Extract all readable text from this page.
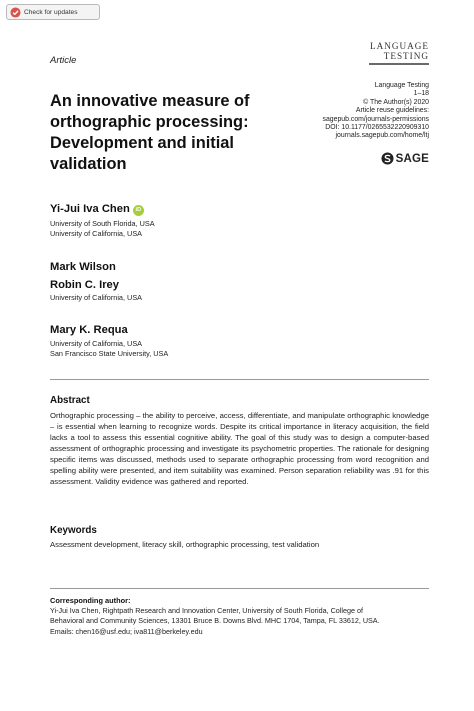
Check for updates
Article
LANGUAGE
TESTING
Language Testing
1–18
© The Author(s) 2020
Article reuse guidelines:
sagepub.com/journals-permissions
DOI: 10.1177/0265532220909310
journals.sagepub.com/home/ltj
SAGE
An innovative measure of orthographic processing: Development and initial validation
Yi-Jui Iva Chen iD
University of South Florida, USA
University of California, USA
Mark Wilson
Robin C. Irey
University of California, USA
Mary K. Requa
University of California, USA
San Francisco State University, USA
Abstract
Orthographic processing – the ability to perceive, access, differentiate, and manipulate orthographic knowledge – is essential when learning to recognize words. Despite its critical importance in literacy acquisition, the field lacks a tool to assess this essential cognitive ability. The goal of this study was to design a computer-based assessment of orthographic processing and investigate its psychometric properties. The rationale for designing specific items was discussed, methods used to separate orthographic processing from word recognition and spelling ability were presented, and item suitability was examined. Person separation reliability was .91 for this assessment. Validity evidence was gathered and reported.
Keywords
Assessment development, literacy skill, orthographic processing, test validation
Corresponding author:
Yi-Jui Iva Chen, Rightpath Research and Innovation Center, University of South Florida, College of
Behavioral and Community Sciences, 13301 Bruce B. Downs Blvd. MHC 1704, Tampa, FL 33612, USA.
Emails: chen16@usf.edu; iva811@berkeley.edu
